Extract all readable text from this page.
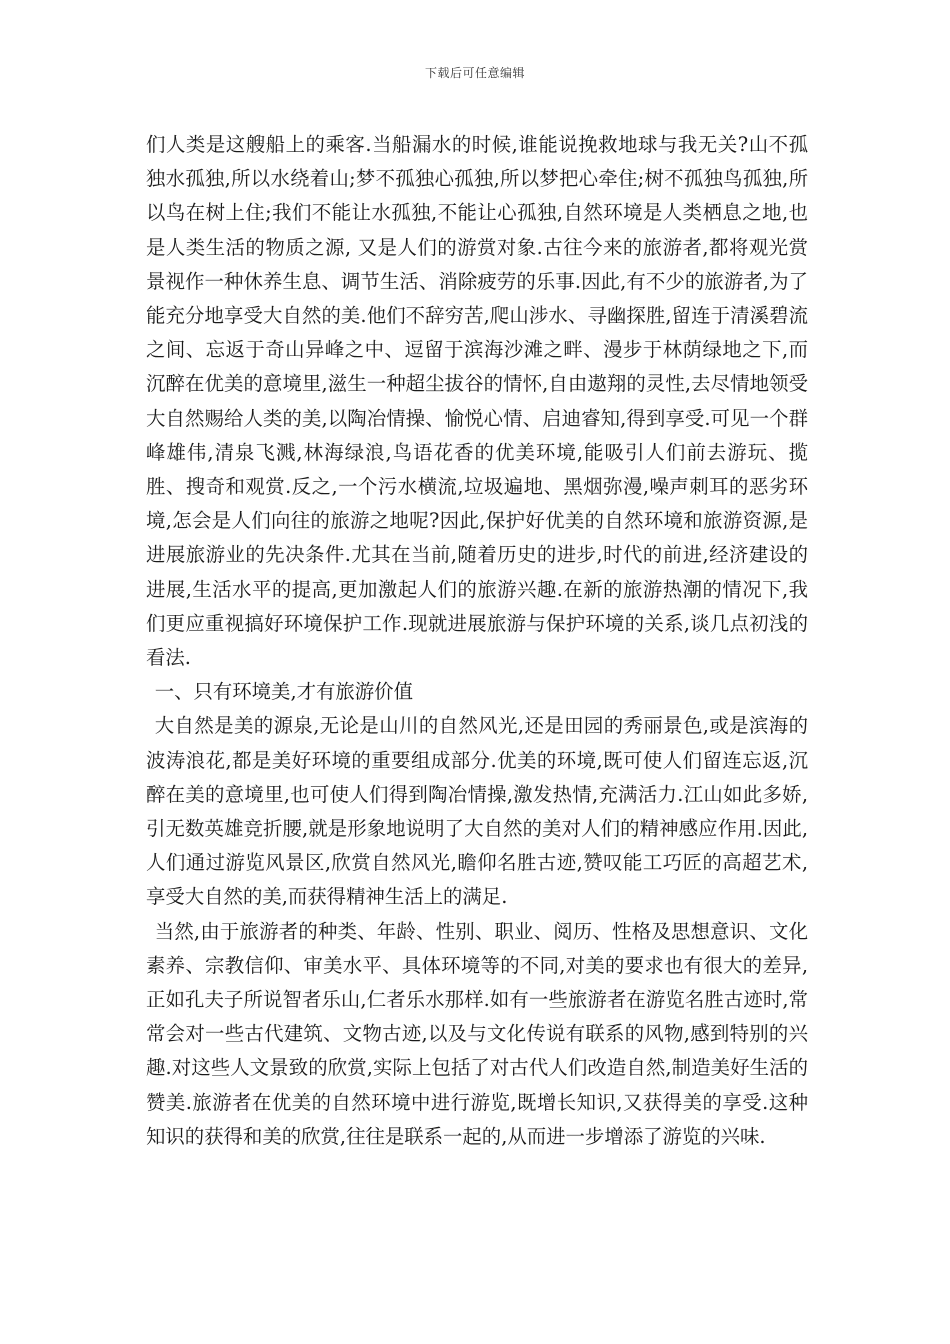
下载后可任意编辑

们人类是这艘船上的乘客.当船漏水的时候,谁能说挽救地球与我无关?山不孤独水孤独,所以水绕着山;梦不孤独心孤独,所以梦把心牵住;树不孤独鸟孤独,所以鸟在树上住;我们不能让水孤独,不能让心孤独,自然环境是人类栖息之地,也是人类生活的物质之源, 又是人们的游赏对象.古往今来的旅游者,都将观光赏景视作一种休养生息、调节生活、消除疲劳的乐事.因此,有不少的旅游者,为了能充分地享受大自然的美.他们不辞穷苦,爬山涉水、寻幽探胜,留连于清溪碧流之间、忘返于奇山异峰之中、逗留于滨海沙滩之畔、漫步于林荫绿地之下,而沉醉在优美的意境里,滋生一种超尘拔谷的情怀,自由遨翔的灵性,去尽情地领受大自然赐给人类的美,以陶冶情操、愉悦心情、启迪睿知,得到享受.可见一个群峰雄伟,清泉飞溅,林海绿浪,鸟语花香的优美环境,能吸引人们前去游玩、揽胜、搜奇和观赏.反之,一个污水横流,垃圾遍地、黑烟弥漫,噪声刺耳的恶劣环境,怎会是人们向往的旅游之地呢?因此,保护好优美的自然环境和旅游资源,是进展旅游业的先决条件.尤其在当前,随着历史的进步,时代的前进,经济建设的进展,生活水平的提高,更加激起人们的旅游兴趣.在新的旅游热潮的情况下,我们更应重视搞好环境保护工作.现就进展旅游与保护环境的关系,谈几点初浅的看法.

一、只有环境美,才有旅游价值

大自然是美的源泉,无论是山川的自然风光,还是田园的秀丽景色,或是滨海的波涛浪花,都是美好环境的重要组成部分.优美的环境,既可使人们留连忘返,沉醉在美的意境里,也可使人们得到陶冶情操,激发热情,充满活力.江山如此多娇,引无数英雄竞折腰,就是形象地说明了大自然的美对人们的精神感应作用.因此,人们通过游览风景区,欣赏自然风光,瞻仰名胜古迹,赞叹能工巧匠的高超艺术,享受大自然的美,而获得精神生活上的满足.

当然,由于旅游者的种类、年龄、性别、职业、阅历、性格及思想意识、文化素养、宗教信仰、审美水平、具体环境等的不同,对美的要求也有很大的差异,正如孔夫子所说智者乐山,仁者乐水那样.如有一些旅游者在游览名胜古迹时,常常会对一些古代建筑、文物古迹,以及与文化传说有联系的风物,感到特别的兴趣.对这些人文景致的欣赏,实际上包括了对古代人们改造自然,制造美好生活的赞美.旅游者在优美的自然环境中进行游览,既增长知识,又获得美的享受.这种知识的获得和美的欣赏,往往是联系一起的,从而进一步增添了游览的兴味.
